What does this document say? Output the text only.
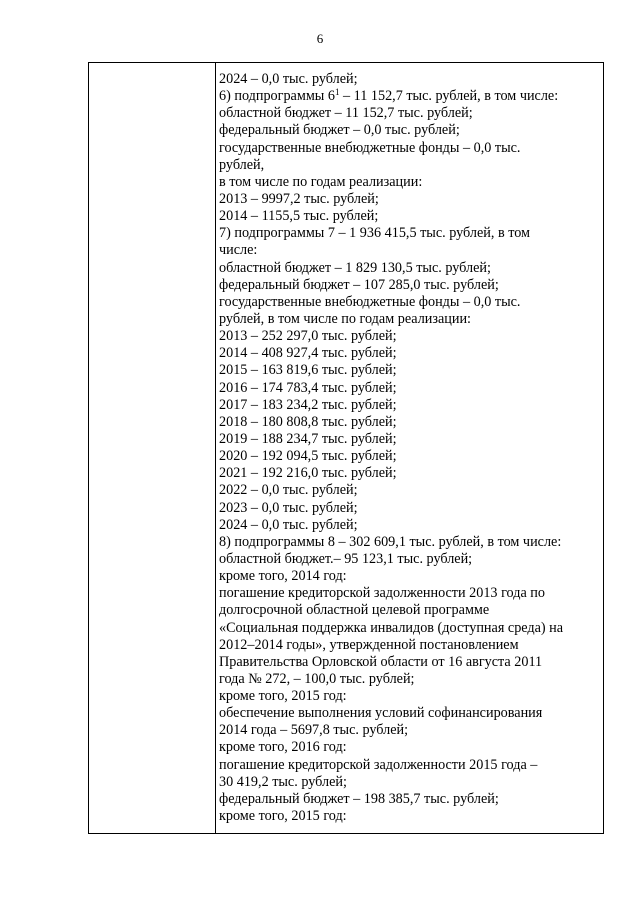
6
2024 – 0,0 тыс. рублей;
6) подпрограммы $6^1 - 11$ 152,7 тыс. рублей, в том числе:
областной бюджет – 11 152,7 тыс. рублей;
федеральный бюджет – 0,0 тыс. рублей;
государственные внебюджетные фонды – 0,0 тыс.
рублей,
в том числе по годам реализации:
2013 – 9997,2 тыс. рублей;
2014 – 1155,5 тыс. рублей;
7) подпрограммы 7 – 1 936 415,5 тыс. рублей, в том
числе:
областной бюджет – 1 829 130,5 тыс. рублей;
федеральный бюджет – 107 285,0 тыс. рублей;
государственные внебюджетные фонды – 0,0 тыс.
рублей, в том числе по годам реализации:
2013 – 252 297,0 тыс. рублей;
2014 – 408 927,4 тыс. рублей;
2015 – 163 819,6 тыс. рублей;
2016 – 174 783,4 тыс. рублей;
2017 – 183 234,2 тыс. рублей;
2018 – 180 808,8 тыс. рублей;
2019 – 188 234,7 тыс. рублей;
2020 – 192 094,5 тыс. рублей;
2021 – 192 216,0 тыс. рублей;
2022 – 0,0 тыс. рублей;
2023 – 0,0 тыс. рублей;
2024 – 0,0 тыс. рублей;
8) подпрограммы 8 – 302 609,1 тыс. рублей, в том числе:
областной бюджет.– 95 123,1 тыс. рублей;
кроме того, 2014 год:
погашение кредиторской задолженности 2013 года по
долгосрочной областной целевой программе
«Социальная поддержка инвалидов (доступная среда) на
2012–2014 годы», утвержденной постановлением
Правительства Орловской области от 16 августа 2011
года № 272, – 100,0 тыс. рублей;
кроме того, 2015 год:
обеспечение выполнения условий софинансирования
2014 года – 5697,8 тыс. рублей;
кроме того, 2016 год:
погашение кредиторской задолженности 2015 года –
30 419,2 тыс. рублей;
федеральный бюджет – 198 385,7 тыс. рублей;
кроме того, 2015 год:
